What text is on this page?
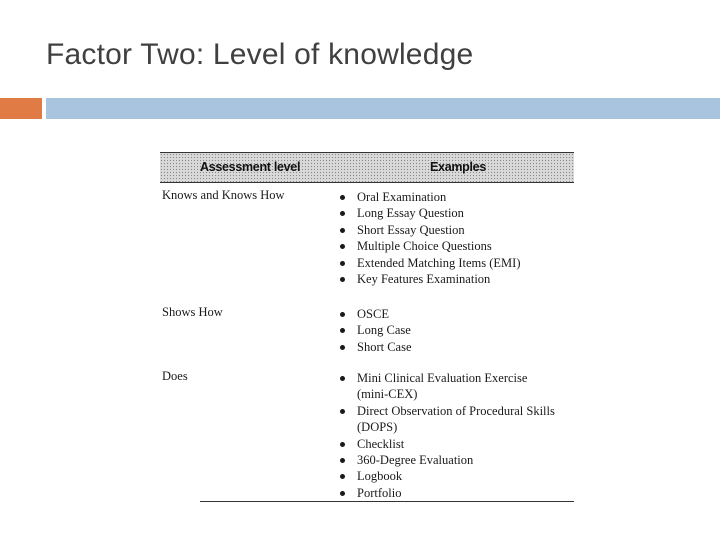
Factor Two: Level of knowledge
Assessment level	Examples
Knows and Knows How	Oral Examination
Long Essay Question
Short Essay Question
Multiple Choice Questions
Extended Matching Items (EMI)
Key Features Examination
Shows How	OSCE
Long Case
Short Case
Does	Mini Clinical Evaluation Exercise
(mini-CEX)
Direct Observation of Procedural Skills
(DOPS)
Checklist
360-Degree Evaluation
Logbook
Portfolio
